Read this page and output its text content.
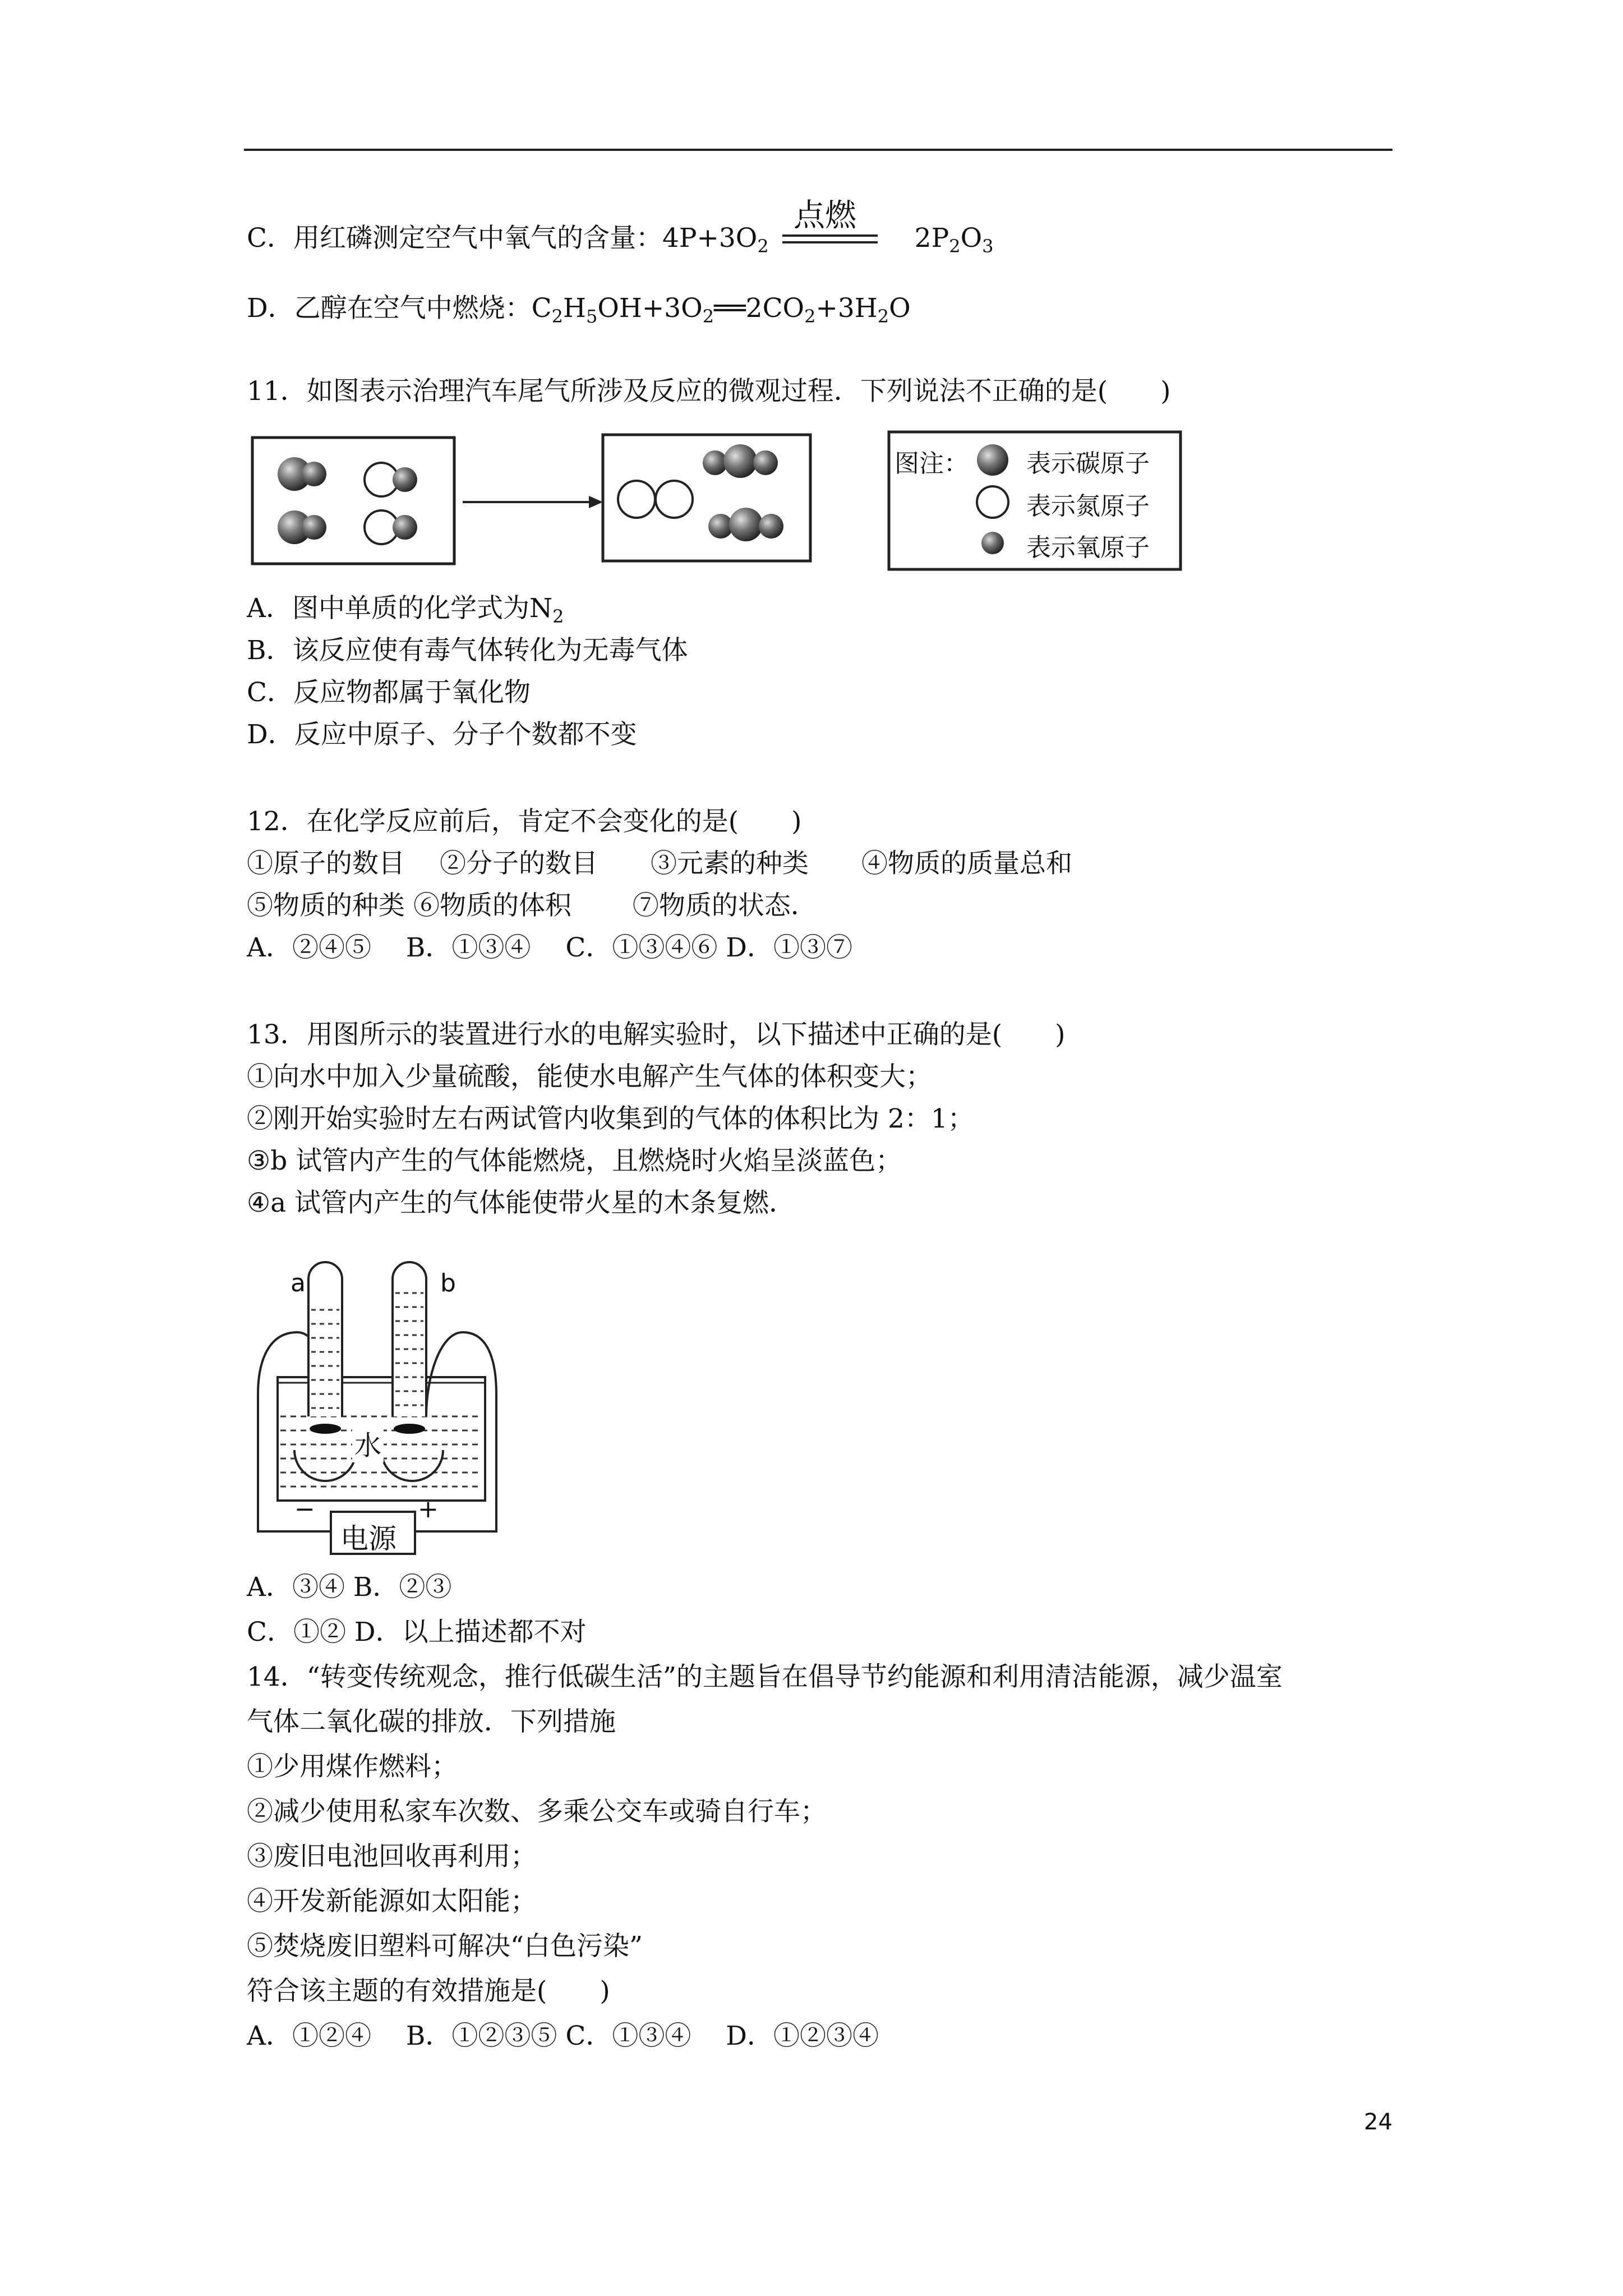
C．用红磷测定空气中氧气的含量：$4P+3O_2$	$2P_2O_3$
点燃
D．乙醇在空气中燃烧：$C_2H_5OH+3O_2══2CO_2+3H_2O$
11．如图表示治理汽车尾气所涉及反应的微观过程．下列说法不正确的是(　　)
图注： 表示碳原子
表示氮原子
表示氧原子
A．图中单质的化学式为$N_2$
B．该反应使有毒气体转化为无毒气体
C．反应物都属于氧化物
D．反应中原子、分子个数都不变
12．在化学反应前后，肯定不会变化的是(　　)
①原子的数目　 ②分子的数目　　③元素的种类　　④物质的质量总和
⑤物质的种类 ⑥物质的体积　　 ⑦物质的状态．
A．②④⑤　 B．①③④　 C．①③④⑥ D．①③⑦
13．用图所示的装置进行水的电解实验时，以下描述中正确的是(　　)
①向水中加入少量硫酸，能使水电解产生气体的体积变大；
②刚开始实验时左右两试管内收集到的气体的体积比为 2：1；
③b 试管内产生的气体能燃烧，且燃烧时火焰呈淡蓝色；
④a 试管内产生的气体能使带火星的木条复燃．
a	b
水
电源
−	+
A．③④ B．②③
C．①② D．以上描述都不对
14．“转变传统观念，推行低碳生活”的主题旨在倡导节约能源和利用清洁能源，减少温室
气体二氧化碳的排放．下列措施
①少用煤作燃料；
②减少使用私家车次数、多乘公交车或骑自行车；
③废旧电池回收再利用；
④开发新能源如太阳能；
⑤焚烧废旧塑料可解决“白色污染”
符合该主题的有效措施是(　　)
A．①②④　 B．①②③⑤ C．①③④　 D．①②③④
24
